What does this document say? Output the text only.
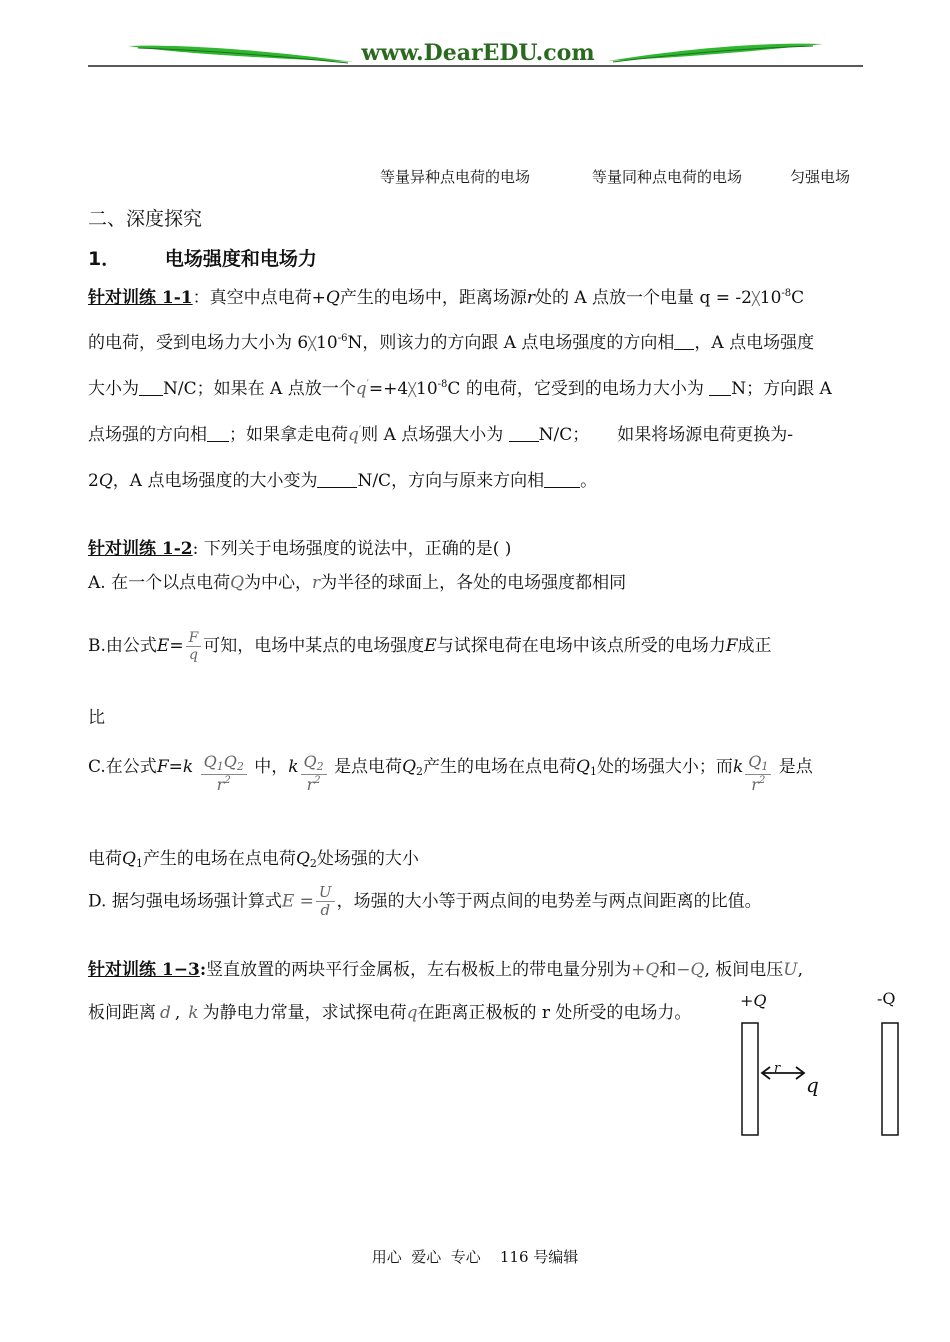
www.DearEDU.com
等量异种点电荷的电场	等量同种点电荷的电场	匀强电场
二、深度探究
1． 电场强度和电场力
针对训练 1-1：真空中点电荷+Q产生的电场中，距离场源r处的 A 点放一个电量 $q = -2╳10^{-8}C$
的电荷，受到电场力大小为 $6╳10^{-6}N$，则该力的方向跟 A 点电场强度的方向相 ，A 点电场强度
大小为 N/C；如果在 A 点放一个$q'=+4╳10^{-8}C$ 的电荷，它受到的电场力大小为 N；方向跟 A
点场强的方向相 ；如果拿走电荷q′则 A 点场强大小为 N/C； 如果将场源电荷更换为-
2Q，A 点电场强度的大小变为 N/C，方向与原来方向相 。
针对训练 1-2: 下列关于电场强度的说法中，正确的是( )
A. 在一个以点电荷Q为中心，r为半径的球面上，各处的电场强度都相同
B.由公式$E= \frac{F}{q}$ 可知，电场中某点的电场强度E与试探电荷在电场中该点所受的电场力F成正
比
C.在公式$F=k \frac{Q_1Q_2}{r^2}$ 中，k $\frac{Q_2}{r^2}$ 是点电荷$Q_2$产生的电场在点电荷$Q_1$处的场强大小；而k $\frac{Q_1}{r^2}$ 是点
电荷$Q_1$产生的电场在点电荷$Q_2$处场强的大小
D. 据匀强电场场强计算式$E = \frac{U}{d}$ ，场强的大小等于两点间的电势差与两点间距离的比值。
针对训练 1−3:竖直放置的两块平行金属板，左右极板上的带电量分别为+Q和−Q, 板间电压U,
板间距离 d , k 为静电力常量，求试探电荷q在距离正极板的 r 处所受的电场力。
+Q	-Q
r
q
用心  爱心  专心    116 号编辑
